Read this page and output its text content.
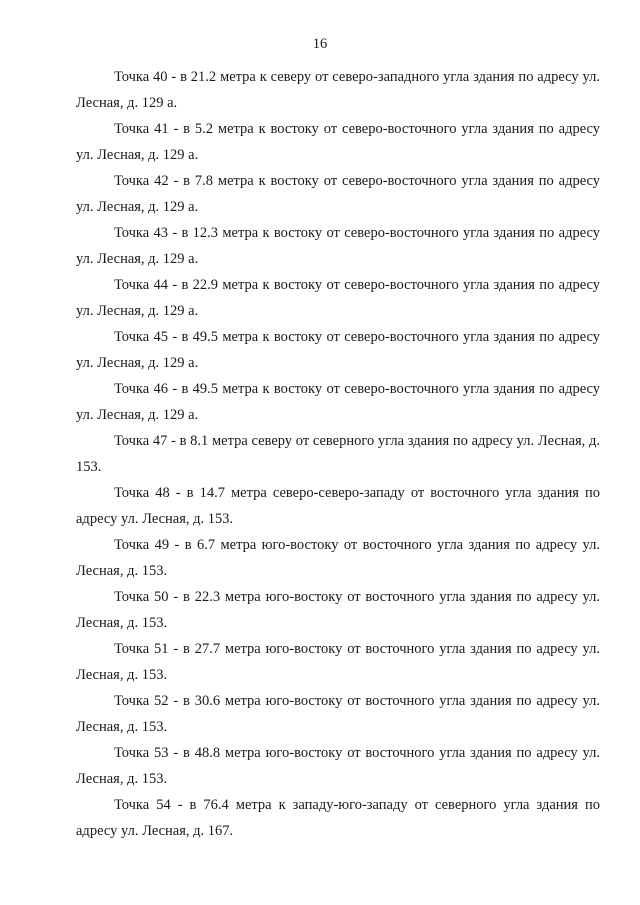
16

Точка 40 - в 21.2 метра к северу от северо-западного угла здания по адресу ул. Лесная, д. 129 а.

Точка 41 - в 5.2 метра к востоку от северо-восточного угла здания по адресу ул. Лесная, д. 129 а.

Точка 42 - в 7.8 метра к востоку от северо-восточного угла здания по адресу ул. Лесная, д. 129 а.

Точка 43 - в 12.3 метра к востоку от северо-восточного угла здания по адресу ул. Лесная, д. 129 а.

Точка 44 - в 22.9 метра к востоку от северо-восточного угла здания по адресу ул. Лесная, д. 129 а.

Точка 45 - в 49.5 метра к востоку от северо-восточного угла здания по адресу ул. Лесная, д. 129 а.

Точка 46 - в 49.5 метра к востоку от северо-восточного угла здания по адресу ул. Лесная, д. 129 а.

Точка 47 - в 8.1 метра северу от северного угла здания по адресу ул. Лесная, д. 153.

Точка 48 - в 14.7 метра северо-северо-западу от восточного угла здания по адресу ул. Лесная, д. 153.

Точка 49 - в 6.7 метра юго-востоку от восточного угла здания по адресу ул. Лесная, д. 153.

Точка 50 - в 22.3 метра юго-востоку от восточного угла здания по адресу ул. Лесная, д. 153.

Точка 51 - в 27.7 метра юго-востоку от восточного угла здания по адресу ул. Лесная, д. 153.

Точка 52 - в 30.6 метра юго-востоку от восточного угла здания по адресу ул. Лесная, д. 153.

Точка 53 - в 48.8 метра юго-востоку от восточного угла здания по адресу ул. Лесная, д. 153.

Точка 54 - в 76.4 метра к западу-юго-западу от северного угла здания по адресу ул. Лесная, д. 167.
